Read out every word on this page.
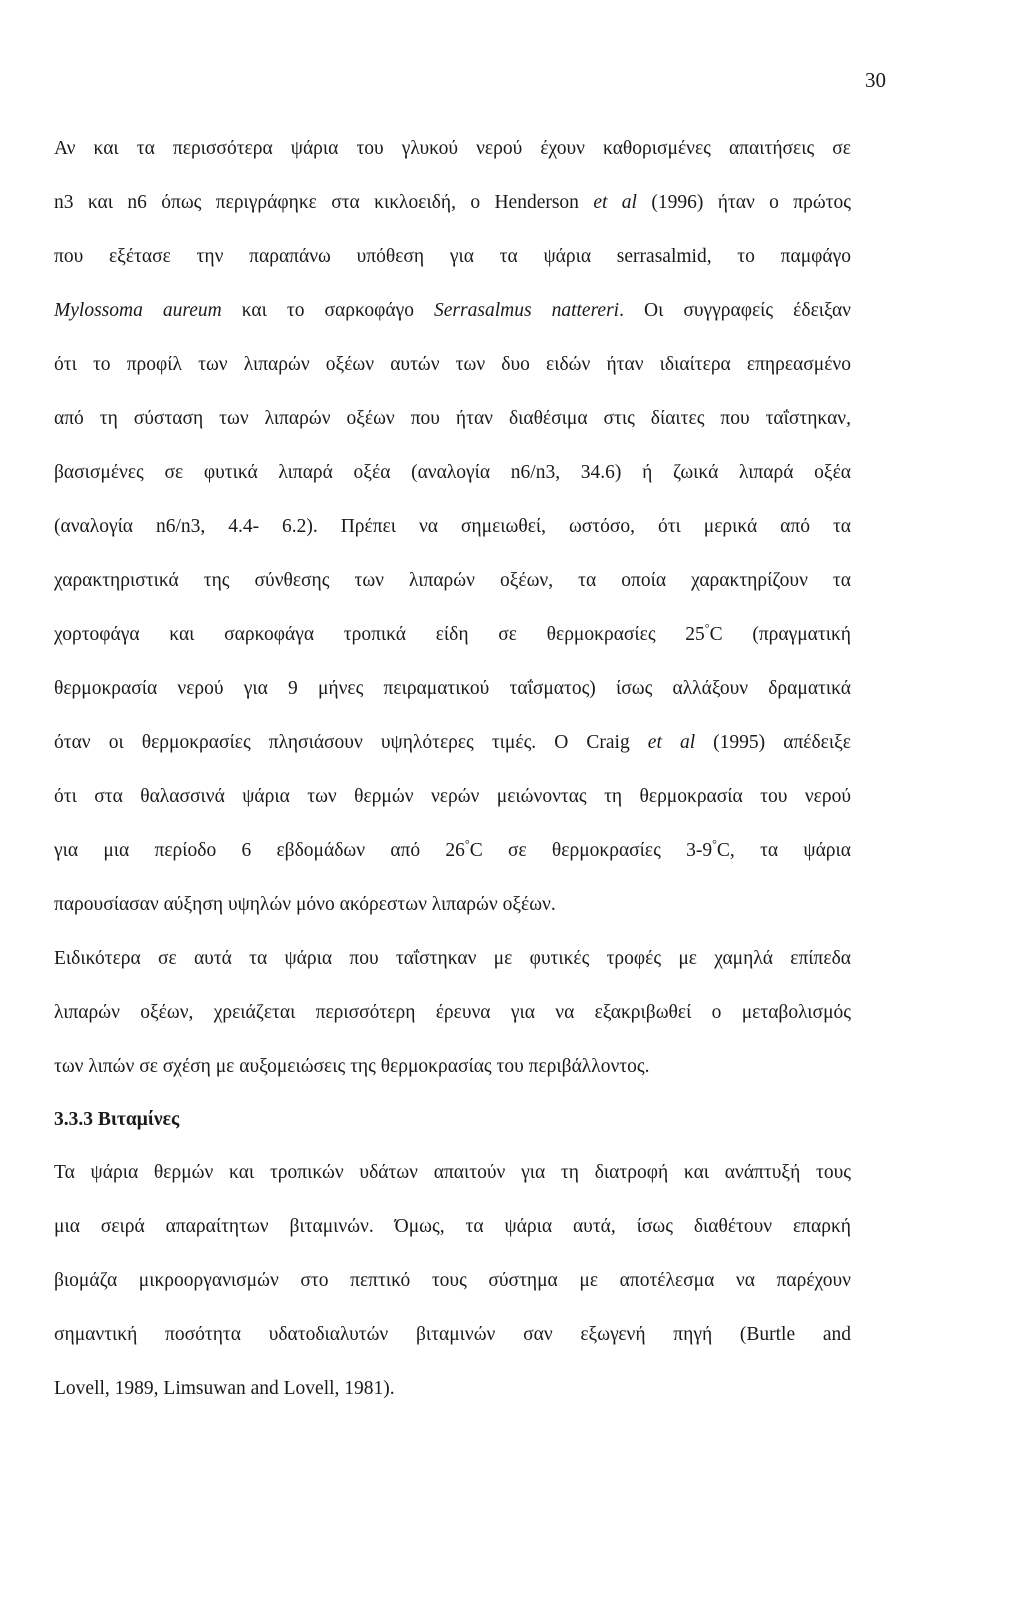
30
Αν και τα περισσότερα ψάρια του γλυκού νερού έχουν καθορισμένες απαιτήσεις σε
n3 και n6 όπως περιγράφηκε στα κικλοειδή, ο Henderson et al (1996) ήταν ο πρώτος
που εξέτασε την παραπάνω υπόθεση για τα ψάρια serrasalmid, το παμφάγο
Mylossoma aureum και το σαρκοφάγο Serrasalmus nattereri. Οι συγγραφείς έδειξαν
ότι το προφίλ των λιπαρών οξέων αυτών των δυο ειδών ήταν ιδιαίτερα επηρεασμένο
από τη σύσταση των λιπαρών οξέων που ήταν διαθέσιμα στις δίαιτες που ταΐστηκαν,
βασισμένες σε φυτικά λιπαρά οξέα (αναλογία n6/n3, 34.6) ή ζωικά λιπαρά οξέα
(αναλογία n6/n3, 4.4- 6.2). Πρέπει να σημειωθεί, ωστόσο, ότι μερικά από τα
χαρακτηριστικά της σύνθεσης των λιπαρών οξέων, τα οποία χαρακτηρίζουν τα
χορτοφάγα και σαρκοφάγα τροπικά είδη σε θερμοκρασίες 25°C (πραγματική
θερμοκρασία νερού για 9 μήνες πειραματικού ταΐσματος) ίσως αλλάξουν δραματικά
όταν οι θερμοκρασίες πλησιάσουν υψηλότερες τιμές. Ο Craig et al (1995) απέδειξε
ότι στα θαλασσινά ψάρια των θερμών νερών μειώνοντας τη θερμοκρασία του νερού
για μια περίοδο 6 εβδομάδων από 26°C σε θερμοκρασίες 3-9°C, τα ψάρια
παρουσίασαν αύξηση υψηλών μόνο ακόρεστων λιπαρών οξέων.
Ειδικότερα σε αυτά τα ψάρια που ταΐστηκαν με φυτικές τροφές με χαμηλά επίπεδα
λιπαρών οξέων, χρειάζεται περισσότερη έρευνα για να εξακριβωθεί ο μεταβολισμός
των λιπών σε σχέση με αυξομειώσεις της θερμοκρασίας του περιβάλλοντος.
3.3.3 Βιταμίνες
Τα ψάρια θερμών και τροπικών υδάτων απαιτούν για τη διατροφή και ανάπτυξή τους
μια σειρά απαραίτητων βιταμινών. Όμως, τα ψάρια αυτά, ίσως διαθέτουν επαρκή
βιομάζα μικροοργανισμών στο πεπτικό τους σύστημα με αποτέλεσμα να παρέχουν
σημαντική ποσότητα υδατοδιαλυτών βιταμινών σαν εξωγενή πηγή (Burtle and
Lovell, 1989, Limsuwan and Lovell, 1981).
